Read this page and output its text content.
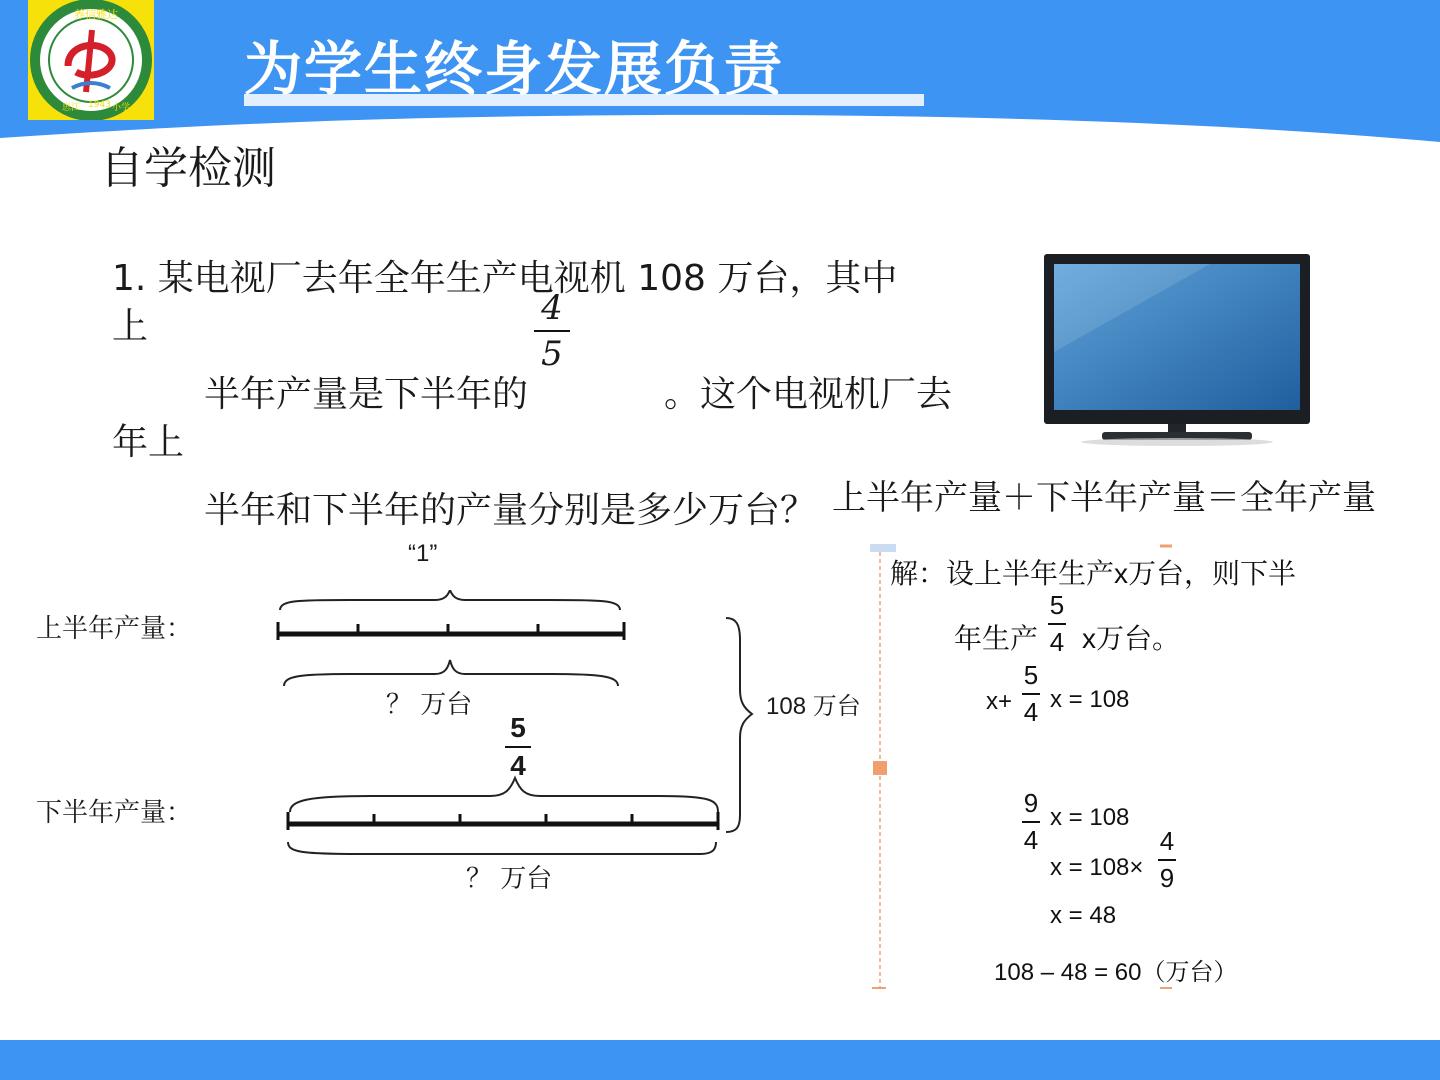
养信雅达
思江 1943 小学
为学生终身发展负责
自学检测
1. 某电视厂去年全年生产电视机 108 万台，其中
上	4
5
半年产量是下半年的	。这个电视机厂去
年上
半年和下半年的产量分别是多少万台？ 上半年产量＋下半年产量＝全年产量
“1”
上半年产量：
下半年产量：
？ 万台
？ 万台
108 万台
5
4
解：设上半年生产x万台，则下半
年生产
5
4 x万台。
x+
5
4 x = 108
9
4
x = 108
x = 108×
4
9
x = 48
108 – 48 = 60（万台）
